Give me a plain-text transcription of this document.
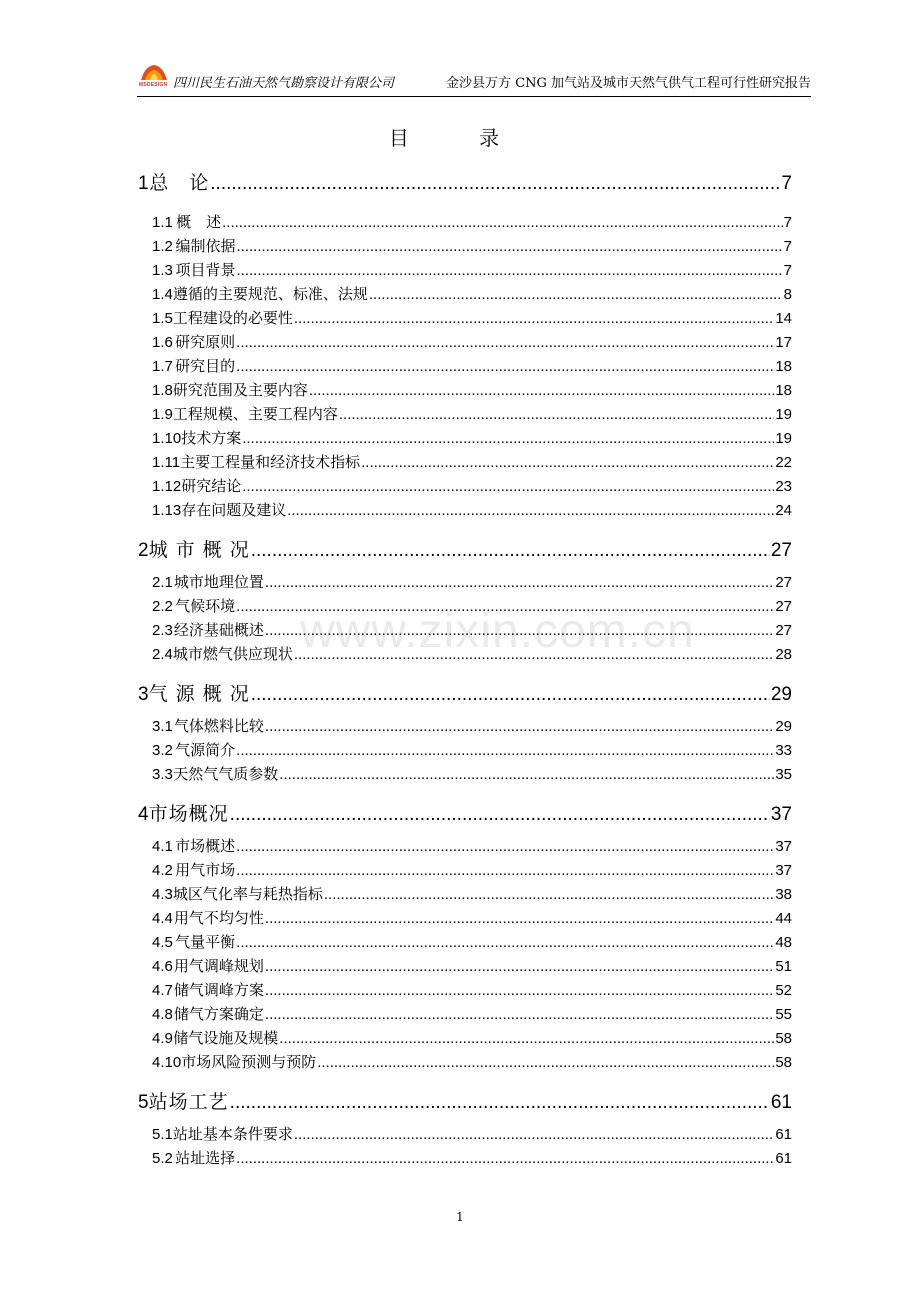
MSDESIGN 四川民生石油天然气勘察设计有限公司	金沙县万方 CNG 加气站及城市天然气供气工程可行性研究报告
目 录
www.zixin.com.cn
1 总　论 .....	7
1.1 概　述 .....	7
1.2 编制依据 .....	7
1.3 项目背景 .....	7
1.4 遵循的主要规范、标准、法规 .....	8
1.5 工程建设的必要性 .....	14
1.6 研究原则 .....	17
1.7 研究目的 .....	18
1.8 研究范围及主要内容 .....	18
1.9 工程规模、主要工程内容 .....	19
1.10 技术方案 .....	19
1.11 主要工程量和经济技术指标 .....	22
1.12 研究结论 .....	23
1.13 存在问题及建议 .....	24
2 城 市 概 况 .....	27
2.1 城市地理位置 .....	27
2.2 气候环境 .....	27
2.3 经济基础概述 .....	27
2.4 城市燃气供应现状 .....	28
3 气 源 概 况 .....	29
3.1 气体燃料比较 .....	29
3.2 气源简介 .....	33
3.3 天然气气质参数 .....	35
4 市场概况 .....	37
4.1 市场概述 .....	37
4.2 用气市场 .....	37
4.3 城区气化率与耗热指标 .....	38
4.4 用气不均匀性 .....	44
4.5 气量平衡 .....	48
4.6 用气调峰规划 .....	51
4.7 储气调峰方案 .....	52
4.8 储气方案确定 .....	55
4.9 储气设施及规模 .....	58
4.10 市场风险预测与预防 .....	58
5 站场工艺 .....	61
5.1 站址基本条件要求 .....	61
5.2 站址选择 .....	61
1
